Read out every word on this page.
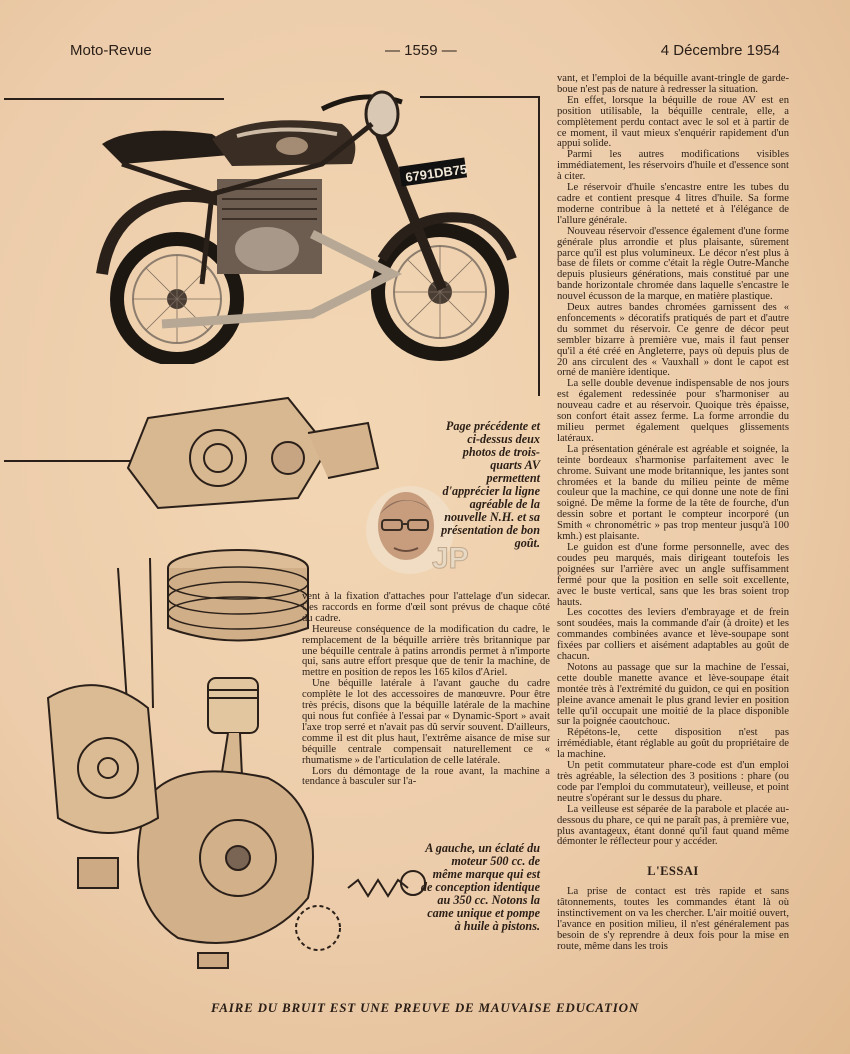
Moto-Revue	— 1559 —	4 Décembre 1954
6791DB75
JP
Page précédente et ci-dessus deux photos de trois-quarts AV permettent d'apprécier la ligne agréable de la nouvelle N.H. et sa présentation de bon goût.

vent à la fixation d'attaches pour l'attelage d'un sidecar. Ces raccords en forme d'œil sont prévus de chaque côté du cadre.

Heureuse conséquence de la modification du cadre, le remplacement de la béquille arrière très britannique par une béquille centrale à patins arrondis permet à n'importe qui, sans autre effort presque que de tenir la machine, de mettre en position de repos les 165 kilos d'Ariel.

Une béquille latérale à l'avant gauche du cadre complète le lot des accessoires de manœuvre. Pour être très précis, disons que la béquille latérale de la machine qui nous fut confiée à l'essai par « Dynamic-Sport » avait l'axe trop serré et n'avait pas dû servir souvent. D'ailleurs, comme il est dit plus haut, l'extrême aisance de mise sur béquille centrale compensait naturellement ce « rhumatisme » de l'articulation de celle latérale.

Lors du démontage de la roue avant, la machine a tendance à basculer sur l'a-

A gauche, un éclaté du moteur 500 cc. de même marque qui est de conception identique au 350 cc. Notons la came unique et pompe à huile à pistons.

vant, et l'emploi de la béquille avant-tringle de garde-boue n'est pas de nature à redresser la situation.

En effet, lorsque la béquille de roue AV est en position utilisable, la béquille centrale, elle, a complètement perdu contact avec le sol et à partir de ce moment, il vaut mieux s'enquérir rapidement d'un appui solide.

Parmi les autres modifications visibles immédiatement, les réservoirs d'huile et d'essence sont à citer.

Le réservoir d'huile s'encastre entre les tubes du cadre et contient presque 4 litres d'huile. Sa forme moderne contribue à la netteté et à l'élégance de l'allure générale.

Nouveau réservoir d'essence également d'une forme générale plus arrondie et plus plaisante, sûrement parce qu'il est plus volumineux. Le décor n'est plus à base de filets or comme c'était la règle Outre-Manche depuis plusieurs générations, mais constitué par une bande horizontale chromée dans laquelle s'encastre le nouvel écusson de la marque, en matière plastique.

Deux autres bandes chromées garnissent des « enfoncements » décoratifs pratiqués de part et d'autre du sommet du réservoir. Ce genre de décor peut sembler bizarre à première vue, mais il faut penser qu'il a été créé en Angleterre, pays où depuis plus de 20 ans circulent des « Vauxhall » dont le capot est orné de manière identique.

La selle double devenue indispensable de nos jours est également redessinée pour s'harmoniser au nouveau cadre et au réservoir. Quoique très épaisse, son confort était assez ferme. La forme arrondie du milieu permet également quelques glissements latéraux.

La présentation générale est agréable et soignée, la teinte bordeaux s'harmonise parfaitement avec le chrome. Suivant une mode britannique, les jantes sont chromées et la bande du milieu peinte de même couleur que la machine, ce qui donne une note de fini soigné. De même la forme de la tête de fourche, d'un dessin sobre et portant le compteur incorporé (un Smith « chronométric » pas trop menteur jusqu'à 100 kmh.) est plaisante.

Le guidon est d'une forme personnelle, avec des coudes peu marqués, mais dirigeant toutefois les poignées sur l'arrière avec un angle suffisamment fermé pour que la position en selle soit excellente, avec le buste vertical, sans que les bras soient trop hauts.

Les cocottes des leviers d'embrayage et de frein sont soudées, mais la commande d'air (à droite) et les commandes combinées avance et lève-soupape sont fixées par colliers et aisément adaptables au goût de chacun.

Notons au passage que sur la machine de l'essai, cette double manette avance et lève-soupape était montée très à l'extrémité du guidon, ce qui en position pleine avance amenait le plus grand levier en position telle qu'il occupait une moitié de la place disponible sur la poignée caoutchouc.

Répétons-le, cette disposition n'est pas irrémédiable, étant réglable au goût du propriétaire de la machine.

Un petit commutateur phare-code est d'un emploi très agréable, la sélection des 3 positions : phare (ou code par l'emploi du commutateur), veilleuse, et point neutre s'opérant sur le dessus du phare.

La veilleuse est séparée de la parabole et placée au-dessous du phare, ce qui ne paraît pas, à première vue, plus avantageux, étant donné qu'il faut quand même démonter le réflecteur pour y accéder.

L'ESSAI

La prise de contact est très rapide et sans tâtonnements, toutes les commandes étant là où instinctivement on va les chercher. L'air moitié ouvert, l'avance en position milieu, il n'est généralement pas besoin de s'y reprendre à deux fois pour la mise en route, même dans les trois

FAIRE DU BRUIT EST UNE PREUVE DE MAUVAISE EDUCATION
